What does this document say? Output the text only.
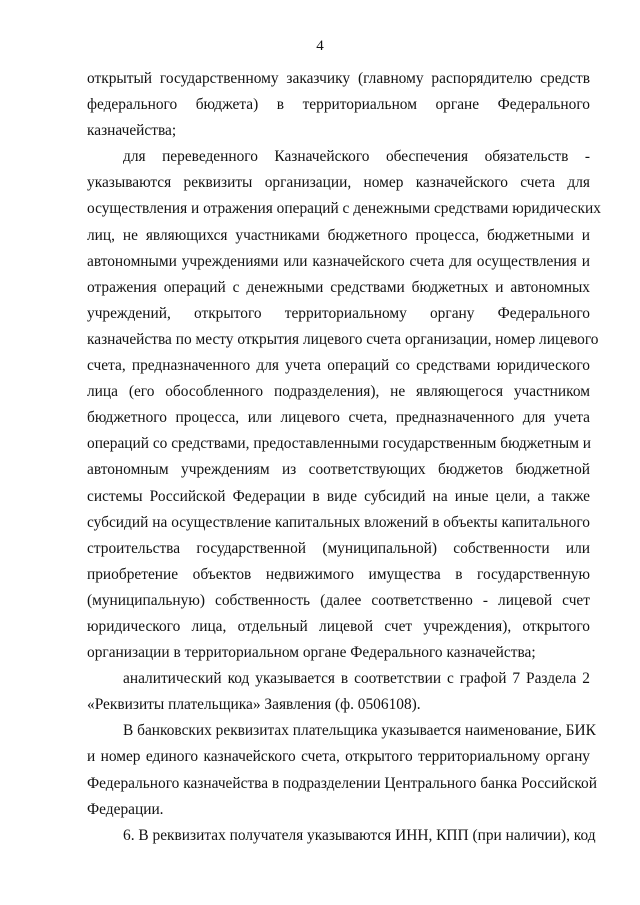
4
открытый государственному заказчику (главному распорядителю средств
федерального бюджета) в территориальном органе Федерального
казначейства;
для переведенного Казначейского обеспечения обязательств -
указываются реквизиты организации, номер казначейского счета для
осуществления и отражения операций с денежными средствами юридических
лиц, не являющихся участниками бюджетного процесса, бюджетными и
автономными учреждениями или казначейского счета для осуществления и
отражения операций с денежными средствами бюджетных и автономных
учреждений, открытого территориальному органу Федерального
казначейства по месту открытия лицевого счета организации, номер лицевого
счета, предназначенного для учета операций со средствами юридического
лица (его обособленного подразделения), не являющегося участником
бюджетного процесса, или лицевого счета, предназначенного для учета
операций со средствами, предоставленными государственным бюджетным и
автономным учреждениям из соответствующих бюджетов бюджетной
системы Российской Федерации в виде субсидий на иные цели, а также
субсидий на осуществление капитальных вложений в объекты капитального
строительства государственной (муниципальной) собственности или
приобретение объектов недвижимого имущества в государственную
(муниципальную) собственность (далее соответственно - лицевой счет
юридического лица, отдельный лицевой счет учреждения), открытого
организации в территориальном органе Федерального казначейства;
аналитический код указывается в соответствии с графой 7 Раздела 2
«Реквизиты плательщика» Заявления (ф. 0506108).
В банковских реквизитах плательщика указывается наименование, БИК
и номер единого казначейского счета, открытого территориальному органу
Федерального казначейства в подразделении Центрального банка Российской
Федерации.
6. В реквизитах получателя указываются ИНН, КПП (при наличии), код
